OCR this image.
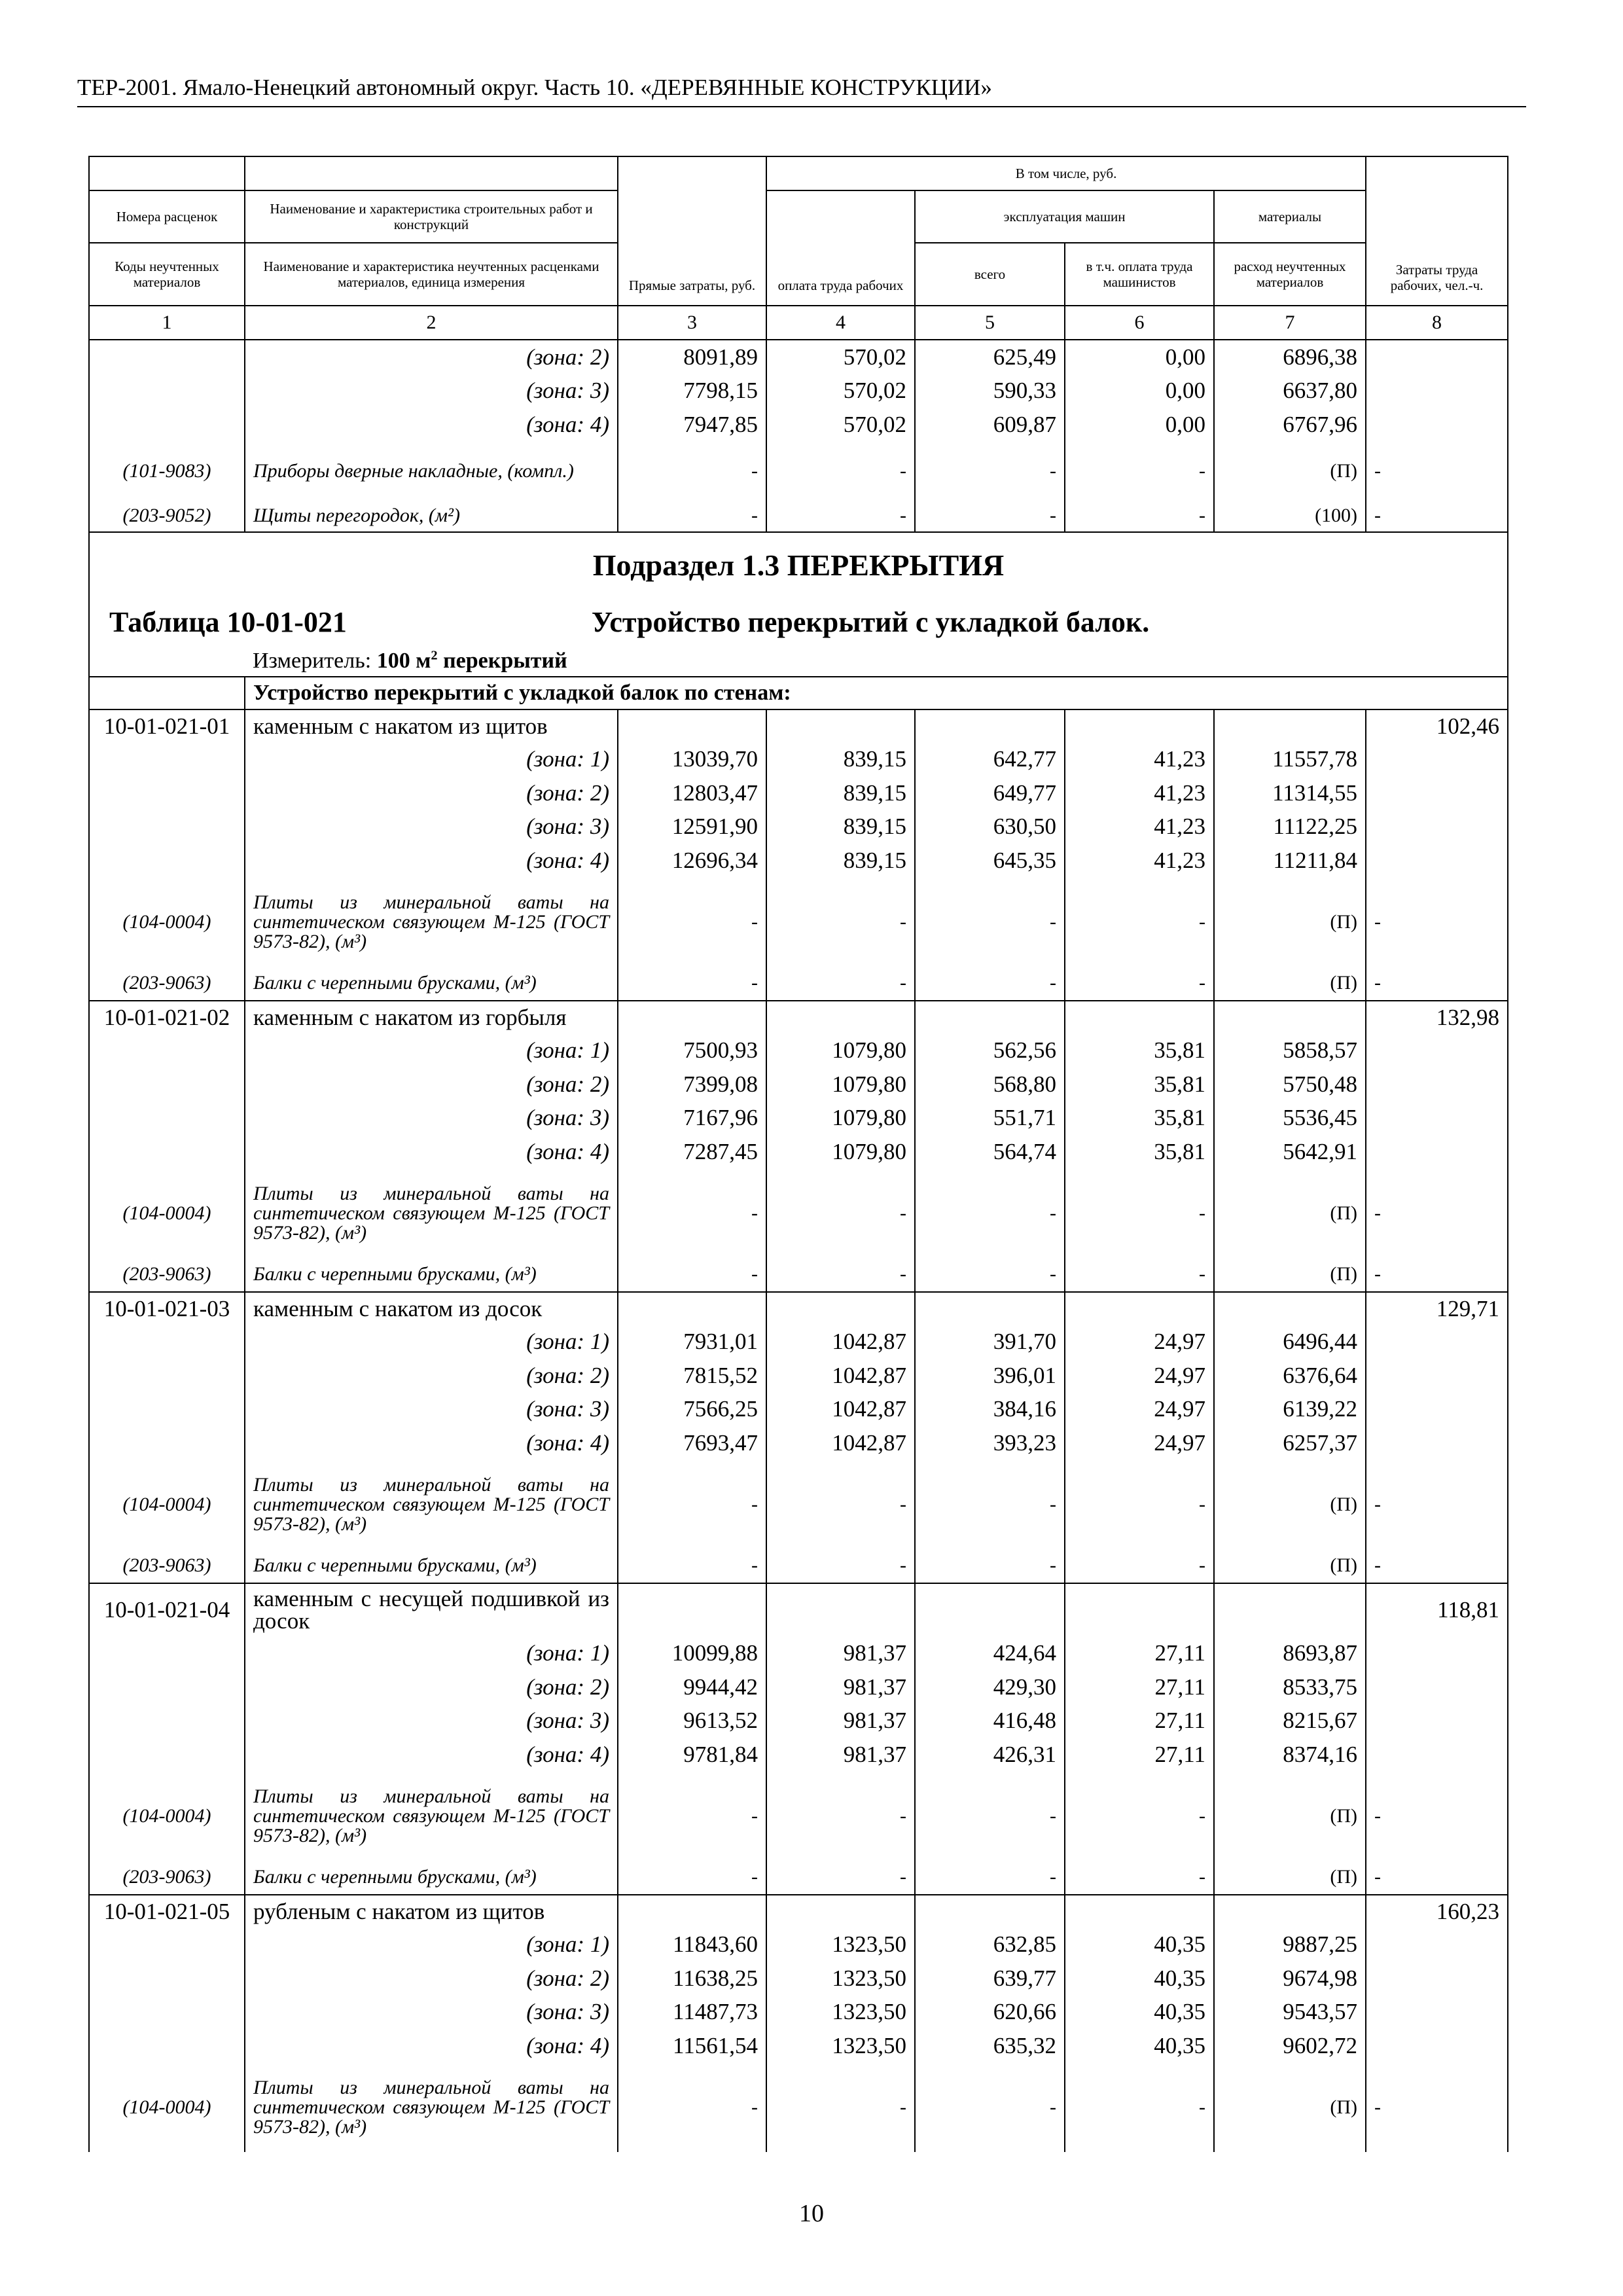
ТЕР-2001. Ямало-Ненецкий автономный округ. Часть 10. «ДЕРЕВЯННЫЕ КОНСТРУКЦИИ»
			В том числе, руб.				
Номера расценок	Наименование и характеристика строительных работ и конструкций	Прямые затраты, руб.	оплата труда рабочих	эксплуатация машин		материалы	Затраты труда рабочих, чел.-ч.
Коды неучтенных материалов	Наименование и характеристика неучтенных расценками материалов, единица измерения			всего	в т.ч. оплата труда машинистов	расход неучтенных материалов	
1	2	3	4	5	6	7	8
	(зона: 2)	8091,89	570,02	625,49	0,00	6896,38	
	(зона: 3)	7798,15	570,02	590,33	0,00	6637,80	
	(зона: 4)	7947,85	570,02	609,87	0,00	6767,96	
(101-9083)	Приборы дверные накладные, (компл.)	-	-	-	-	(П)	-
(203-9052)	Щиты перегородок, (м²)	-	-	-	-	(100)	-
Подраздел 1.3 ПЕРЕКРЫТИЯ							
Таблица 10-01-021 Устройство перекрытий с укладкой балок.							
	Измеритель: 100 $м^2$ перекрытий						
	Устройство перекрытий с укладкой балок по стенам:						
10-01-021-01	каменным с накатом из щитов						102,46
	(зона: 1)	13039,70	839,15	642,77	41,23	11557,78	
	(зона: 2)	12803,47	839,15	649,77	41,23	11314,55	
	(зона: 3)	12591,90	839,15	630,50	41,23	11122,25	
	(зона: 4)	12696,34	839,15	645,35	41,23	11211,84	
(104-0004)	Плиты из минеральной ваты на синтетическом связующем М-125 (ГОСТ 9573-82), (м³)	-	-	-	-	(П)	-
(203-9063)	Балки с черепными брусками, (м³)	-	-	-	-	(П)	-
10-01-021-02	каменным с накатом из горбыля						132,98
	(зона: 1)	7500,93	1079,80	562,56	35,81	5858,57	
	(зона: 2)	7399,08	1079,80	568,80	35,81	5750,48	
	(зона: 3)	7167,96	1079,80	551,71	35,81	5536,45	
	(зона: 4)	7287,45	1079,80	564,74	35,81	5642,91	
(104-0004)	Плиты из минеральной ваты на синтетическом связующем М-125 (ГОСТ 9573-82), (м³)	-	-	-	-	(П)	-
(203-9063)	Балки с черепными брусками, (м³)	-	-	-	-	(П)	-
10-01-021-03	каменным с накатом из досок						129,71
	(зона: 1)	7931,01	1042,87	391,70	24,97	6496,44	
	(зона: 2)	7815,52	1042,87	396,01	24,97	6376,64	
	(зона: 3)	7566,25	1042,87	384,16	24,97	6139,22	
	(зона: 4)	7693,47	1042,87	393,23	24,97	6257,37	
(104-0004)	Плиты из минеральной ваты на синтетическом связующем М-125 (ГОСТ 9573-82), (м³)	-	-	-	-	(П)	-
(203-9063)	Балки с черепными брусками, (м³)	-	-	-	-	(П)	-
10-01-021-04	каменным с несущей подшивкой из досок						118,81
	(зона: 1)	10099,88	981,37	424,64	27,11	8693,87	
	(зона: 2)	9944,42	981,37	429,30	27,11	8533,75	
	(зона: 3)	9613,52	981,37	416,48	27,11	8215,67	
	(зона: 4)	9781,84	981,37	426,31	27,11	8374,16	
(104-0004)	Плиты из минеральной ваты на синтетическом связующем М-125 (ГОСТ 9573-82), (м³)	-	-	-	-	(П)	-
(203-9063)	Балки с черепными брусками, (м³)	-	-	-	-	(П)	-
10-01-021-05	рубленым с накатом из щитов						160,23
	(зона: 1)	11843,60	1323,50	632,85	40,35	9887,25	
	(зона: 2)	11638,25	1323,50	639,77	40,35	9674,98	
	(зона: 3)	11487,73	1323,50	620,66	40,35	9543,57	
	(зона: 4)	11561,54	1323,50	635,32	40,35	9602,72	
(104-0004)	Плиты из минеральной ваты на синтетическом связующем М-125 (ГОСТ 9573-82), (м³)	-	-	-	-	(П)	-
10
